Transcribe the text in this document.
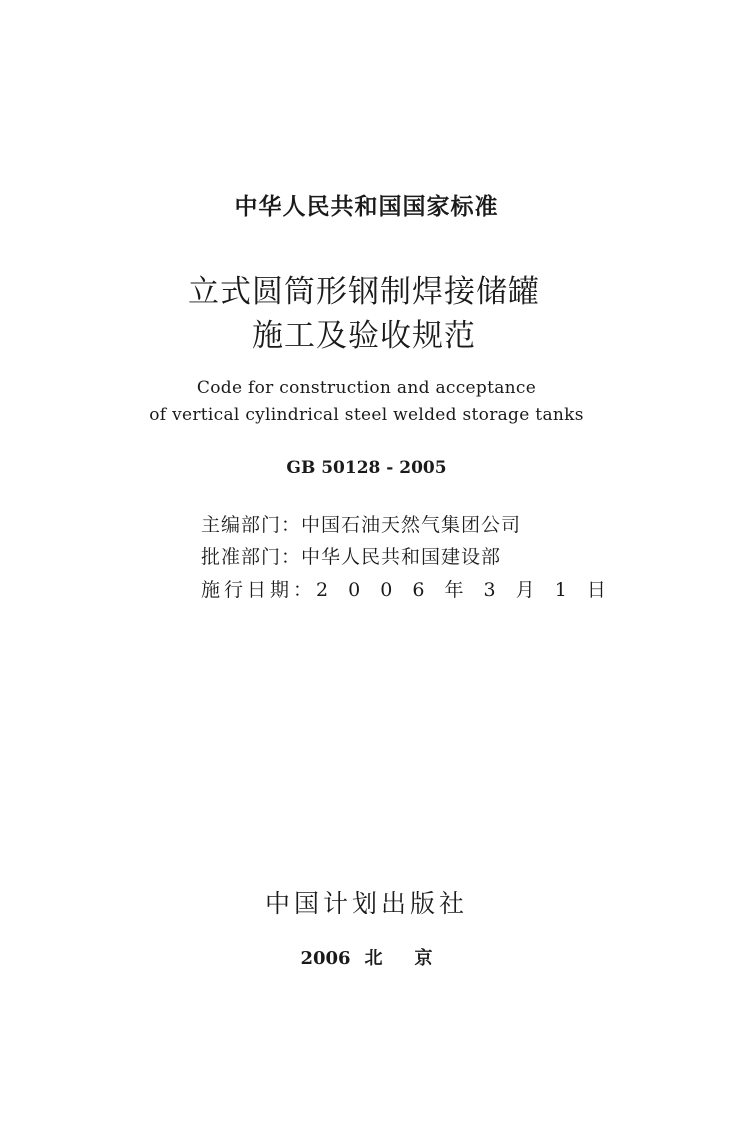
中华人民共和国国家标准
立式圆筒形钢制焊接储罐
施工及验收规范
Code for construction and acceptance
of vertical cylindrical steel welded storage tanks
GB 50128 - 2005
主编部门：中国石油天然气集团公司
批准部门：中华人民共和国建设部
施行日期：2 0 0 6 年 3 月 1 日
中国计划出版社
2006 北 京
